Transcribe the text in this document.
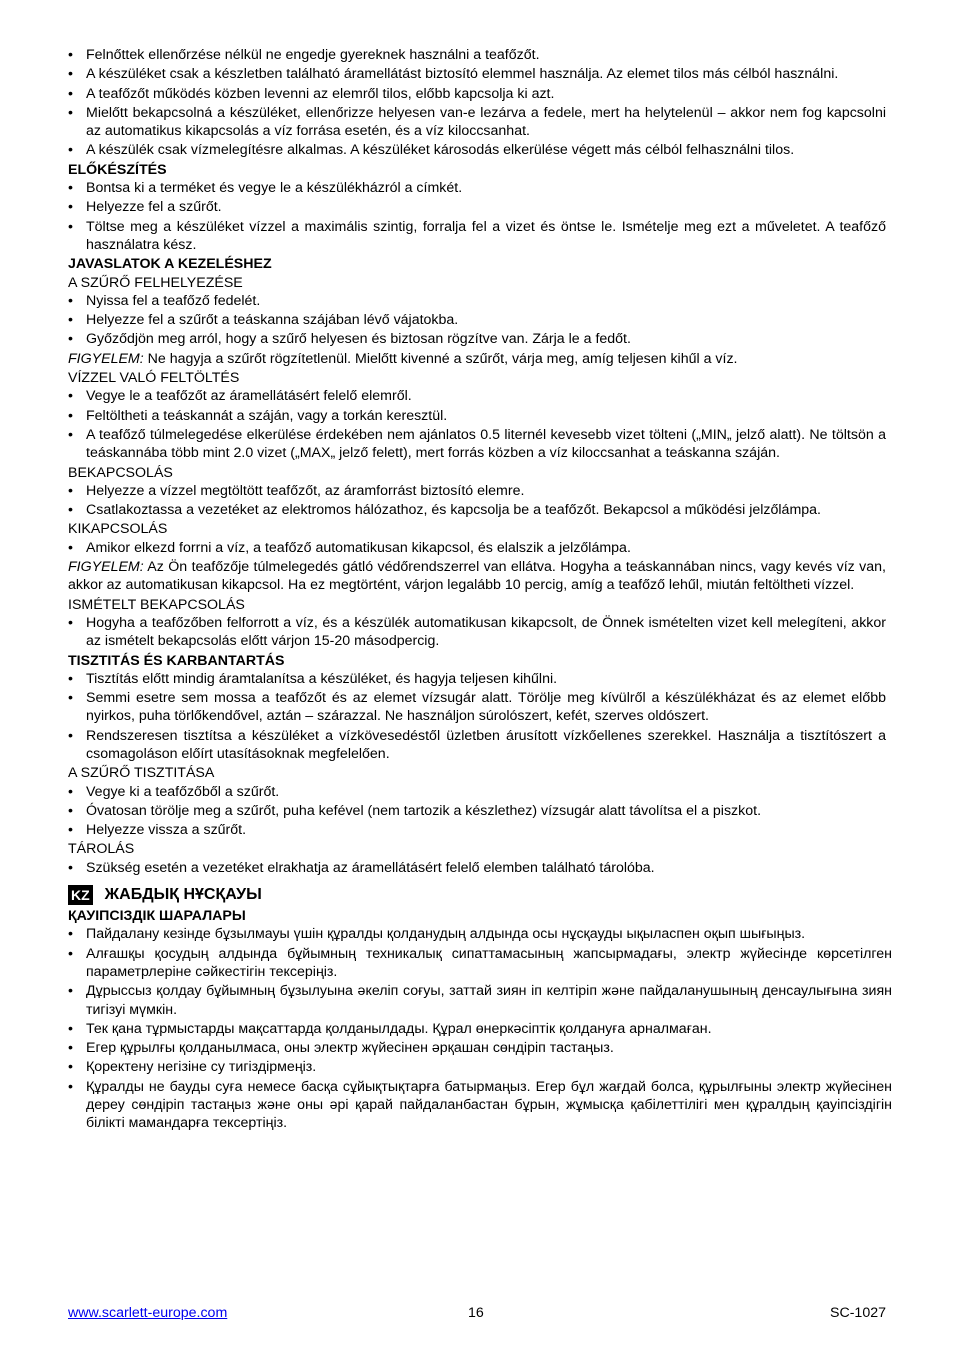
• Felnőttek ellenőrzése nélkül ne engedje gyereknek használni a teafőzőt.
• A készüléket csak a készletben található áramellátást biztosító elemmel használja. Az elemet tilos más célból használni.
• A teafőzőt működés közben levenni az elemről tilos, előbb kapcsolja ki azt.
• Mielőtt bekapcsolná a készüléket, ellenőrizze helyesen van-e lezárva a fedele, mert ha helytelenül – akkor nem fog kapcsolni az automatikus kikapcsolás a víz forrása esetén, és a víz kiloccsanhat.
• A készülék csak vízmelegítésre alkalmas. A készüléket károsodás elkerülése végett más célból felhasználni tilos.
ELŐKÉSZÍTÉS
• Bontsa ki a terméket és vegye le a készülékházról a címkét.
• Helyezze fel a szűrőt.
• Töltse meg a készüléket vízzel a maximális szintig, forralja fel a vizet és öntse le. Ismételje meg ezt a műveletet. A teafőző használatra kész.
JAVASLATOK A KEZELÉSHEZ
A SZŰRŐ FELHELYEZÉSE
• Nyissa fel a teafőző fedelét.
• Helyezze fel a szűrőt a teáskanna szájában lévő vájatokba.
• Győződjön meg arról, hogy a szűrő helyesen és biztosan rögzítve van. Zárja le a fedőt.
FIGYELEM: Ne hagyja a szűrőt rögzítetlenül. Mielőtt kivenné a szűrőt, várja meg, amíg teljesen kihűl a víz.
VÍZZEL VALÓ FELTÖLTÉS
• Vegye le a teafőzőt az áramellátásért felelő elemről.
• Feltöltheti a teáskannát a száján, vagy a torkán keresztül.
• A teafőző túlmelegedése elkerülése érdekében nem ajánlatos 0.5 liternél kevesebb vizet tölteni („MIN„ jelző alatt). Ne töltsön a teáskannába több mint 2.0 vizet („MAX„ jelző felett), mert forrás közben a víz kiloccsanhat a teáskanna száján.
BEKAPCSOLÁS
• Helyezze a vízzel megtöltött teafőzőt, az áramforrást biztosító elemre.
• Csatlakoztassa a vezetéket az elektromos hálózathoz, és kapcsolja be a teafőzőt. Bekapcsol a működési jelzőlámpa.
KIKAPCSOLÁS
• Amikor elkezd forrni a víz, a teafőző automatikusan kikapcsol, és elalszik a jelzőlámpa.
FIGYELEM: Az Ön teafőzője túlmelegedés gátló védőrendszerrel van ellátva. Hogyha a teáskannában nincs, vagy kevés víz van, akkor az automatikusan kikapcsol. Ha ez megtörtént, várjon legalább 10 percig, amíg a teafőző lehűl, miután feltöltheti vízzel.
ISMÉTELT BEKAPCSOLÁS
• Hogyha a teafőzőben felforrott a víz, és a készülék automatikusan kikapcsolt, de Önnek ismételten vizet kell melegíteni, akkor az ismételt bekapcsolás előtt várjon 15-20 másodpercig.
TISZTITÁS ÉS KARBANTARTÁS
• Tisztítás előtt mindig áramtalanítsa a készüléket, és hagyja teljesen kihűlni.
• Semmi esetre sem mossa a teafőzőt és az elemet vízsugár alatt. Törölje meg kívülről a készülékházat és az elemet előbb nyirkos, puha törlőkendővel, aztán – szárazzal. Ne használjon súrolószert, kefét, szerves oldószert.
• Rendszeresen tisztítsa a készüléket a vízkövesedéstől üzletben árusított vízkőellenes szerekkel. Használja a tisztítószert a csomagoláson előírt utasításoknak megfelelően.
A SZŰRŐ TISZTITÁSA
• Vegye ki a teafőzőből a szűrőt.
• Óvatosan törölje meg a szűrőt, puha kefével (nem tartozik a készlethez) vízsugár alatt távolítsa el a piszkot.
• Helyezze vissza a szűrőt.
TÁROLÁS
• Szükség esetén a vezetéket elrakhatja az áramellátásért felelő elemben található tárolóba.
KZ ЖАБДЫҚ НҰСҚАУЫ
ҚАУІПСІЗДІК ШАРАЛАРЫ
• Пайдалану кезінде бұзылмауы үшін құралды қолданудың алдында осы нұсқауды ықыласпен оқып шығыңыз.
• Алғашқы қосудың алдында бұйымның техникалық сипаттамасының жапсырмадағы, электр жүйесінде көрсетілген параметрлеріне сәйкестігін тексеріңіз.
• Дұрыссыз қолдау бұйымның бұзылуына әкеліп соғуы, заттай зиян іп келтіріп және пайдаланушының денсаулығына зиян тигізуі мүмкін.
• Тек қана тұрмыстарды мақсаттарда қолданылдады. Құрал өнеркәсіптік қолдануға арналмаған.
• Егер құрылғы қолданылмаса, оны электр жүйесінен әрқашан сөндіріп тастаңыз.
• Қоректену негізіне су тигіздірмеңіз.
• Құралды не бауды суға немесе басқа сұйықтықтарға батырмаңыз. Егер бұл жағдай болса, құрылғыны электр жүйесінен дереу сөндіріп тастаңыз және оны әрі қарай пайдаланбастан бұрын, жұмысқа қабілеттілігі мен құралдың қауіпсіздігін білікті мамандарға тексертіңіз.
www.scarlett-europe.com	16	SC-1027
